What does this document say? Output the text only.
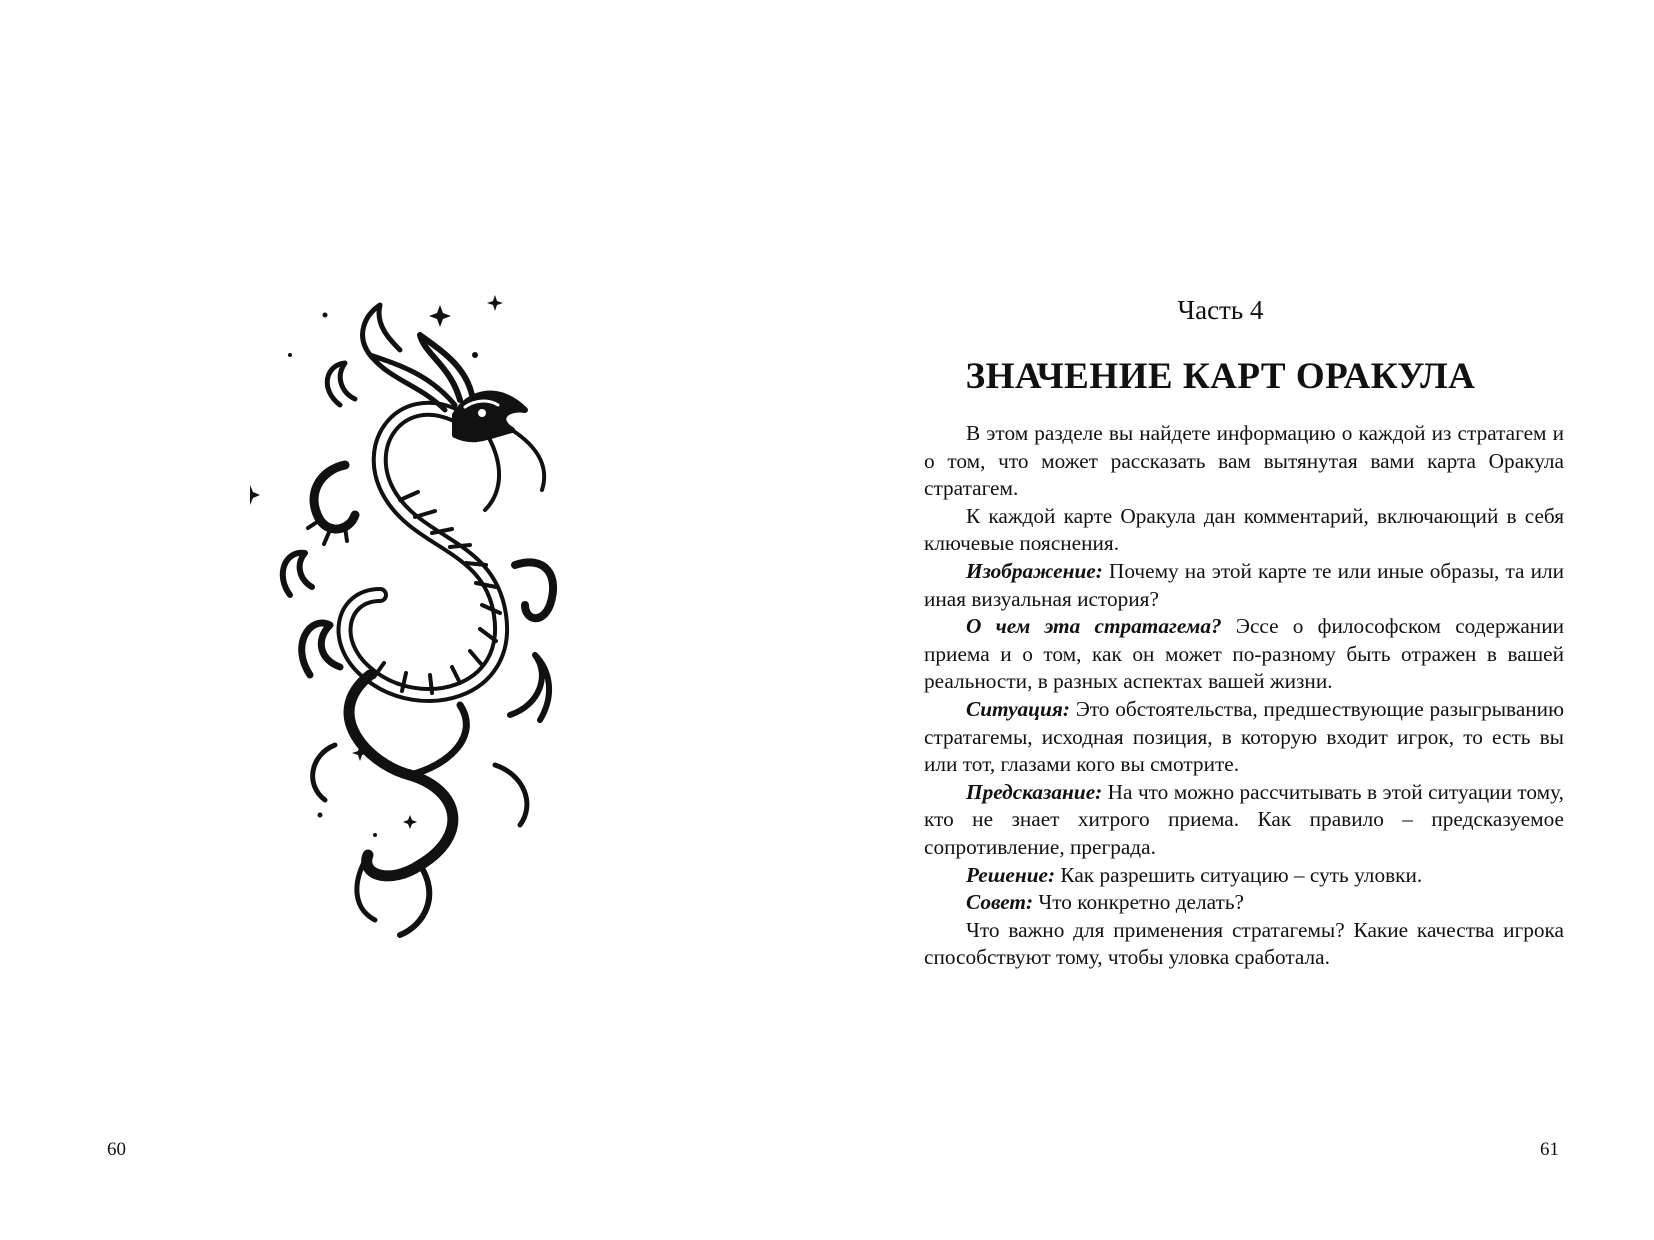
60
Часть 4
ЗНАЧЕНИЕ КАРТ ОРАКУЛА

В этом разделе вы найдете информацию о каждой из стратагем и о том, что может рассказать вам вытянутая вами карта Оракула стратагем.

К каждой карте Оракула дан комментарий, включающий в себя ключевые пояснения.

Изображение: Почему на этой карте те или иные образы, та или иная визуальная история?

О чем эта стратагема? Эссе о философском содержании приема и о том, как он может по-разному быть отражен в вашей реальности, в разных аспектах вашей жизни.

Ситуация: Это обстоятельства, предшествующие разыгрыванию стратагемы, исходная позиция, в которую входит игрок, то есть вы или тот, глазами кого вы смотрите.

Предсказание: На что можно рассчитывать в этой ситуации тому, кто не знает хитрого приема. Как правило – предсказуемое сопротивление, преграда.

Решение: Как разрешить ситуацию – суть уловки.

Совет: Что конкретно делать?

Что важно для применения стратагемы? Какие качества игрока способствуют тому, чтобы уловка сработала.

61
